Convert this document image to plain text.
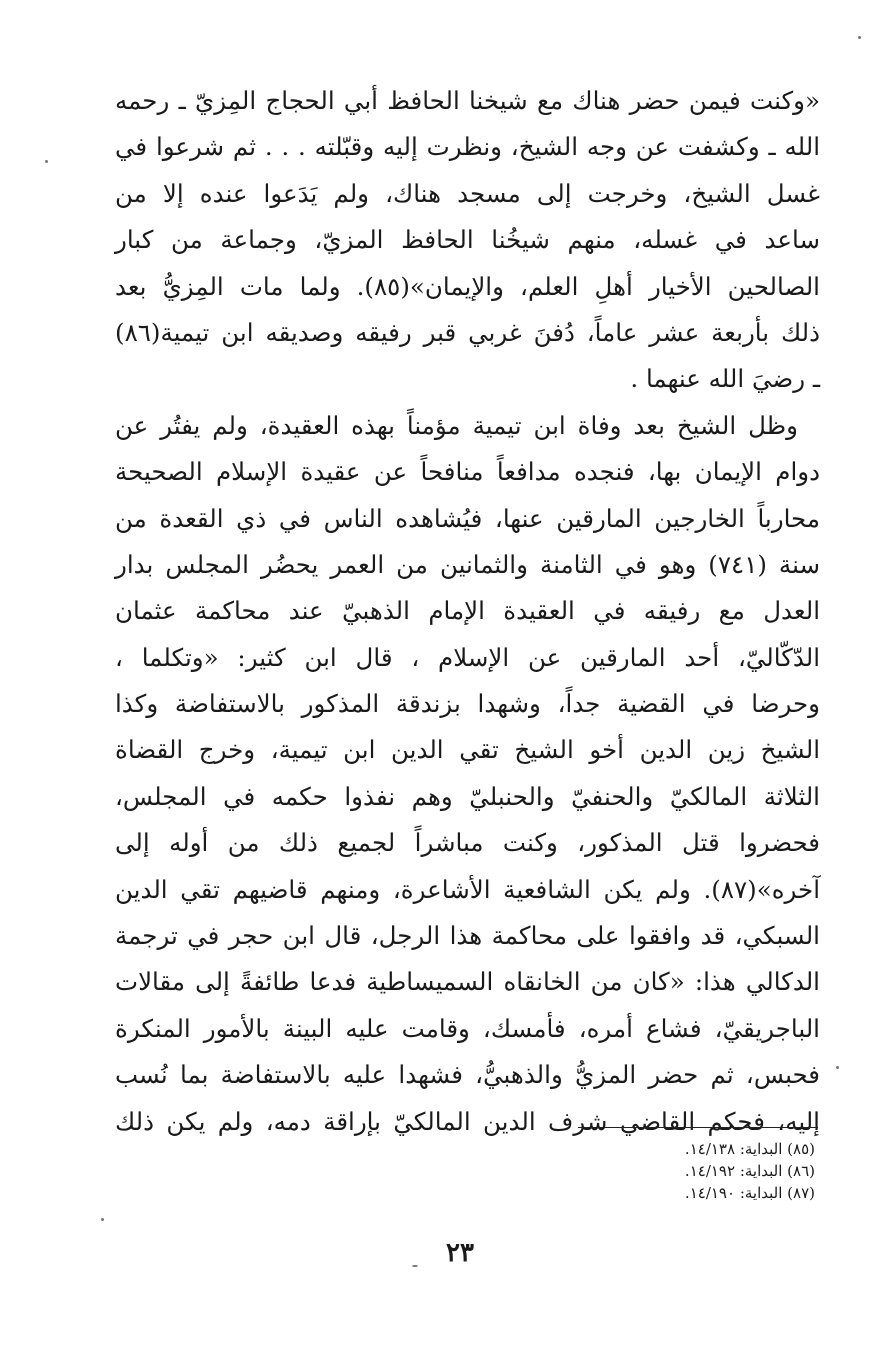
«وكنت فيمن حضر هناك مع شيخنا الحافظ أبي الحجاج المِزيّ ـ رحمه
الله ـ وكشفت عن وجه الشيخ، ونظرت إليه وقبّلته . . . ثم شرعوا في
غسل الشيخ، وخرجت إلى مسجد هناك، ولم يَدَعوا عنده إلا من
ساعد في غسله، منهم شيخُنا الحافظ المزيّ، وجماعة من كبار
الصالحين الأخيار أهلِ العلم، والإيمان»(٨٥). ولما مات المِزيُّ بعد
ذلك بأربعة عشر عاماً، دُفنَ غربي قبر رفيقه وصديقه ابن تيمية(٨٦)
ـ رضيَ الله عنهما .
وظل الشيخ بعد وفاة ابن تيمية مؤمناً بهذه العقيدة، ولم يفتُر عن
دوام الإيمان بها، فنجده مدافعاً منافحاً عن عقيدة الإسلام الصحيحة
محارباً الخارجين المارقين عنها، فيُشاهده الناس في ذي القعدة من
سنة (٧٤١) وهو في الثامنة والثمانين من العمر يحضُر المجلس بدار
العدل مع رفيقه في العقيدة الإمام الذهبيّ عند محاكمة عثمان
الدّكّاليّ، أحد المارقين عن الإسلام ، قال ابن كثير: «وتكلما ،
وحرضا في القضية جداً، وشهدا بزندقة المذكور بالاستفاضة وكذا
الشيخ زين الدين أخو الشيخ تقي الدين ابن تيمية، وخرج القضاة
الثلاثة المالكيّ والحنفيّ والحنبليّ وهم نفذوا حكمه في المجلس،
فحضروا قتل المذكور، وكنت مباشراً لجميع ذلك من أوله إلى
آخره»(٨٧). ولم يكن الشافعية الأشاعرة، ومنهم قاضيهم تقي الدين
السبكي، قد وافقوا على محاكمة هذا الرجل، قال ابن حجر في ترجمة
الدكالي هذا: «كان من الخانقاه السميساطية فدعا طائفةً إلى مقالات
الباجريقيّ، فشاع أمره، فأمسك، وقامت عليه البينة بالأمور المنكرة
فحبس، ثم حضر المزيُّ والذهبيُّ، فشهدا عليه بالاستفاضة بما نُسب
إليه، فحكم القاضي شرف الدين المالكيّ بإراقة دمه، ولم يكن ذلك
(٨٥) البداية: ١٤/١٣٨.
(٨٦) البداية: ١٤/١٩٢.
(٨٧) البداية: ١٤/١٩٠.
٢٣
